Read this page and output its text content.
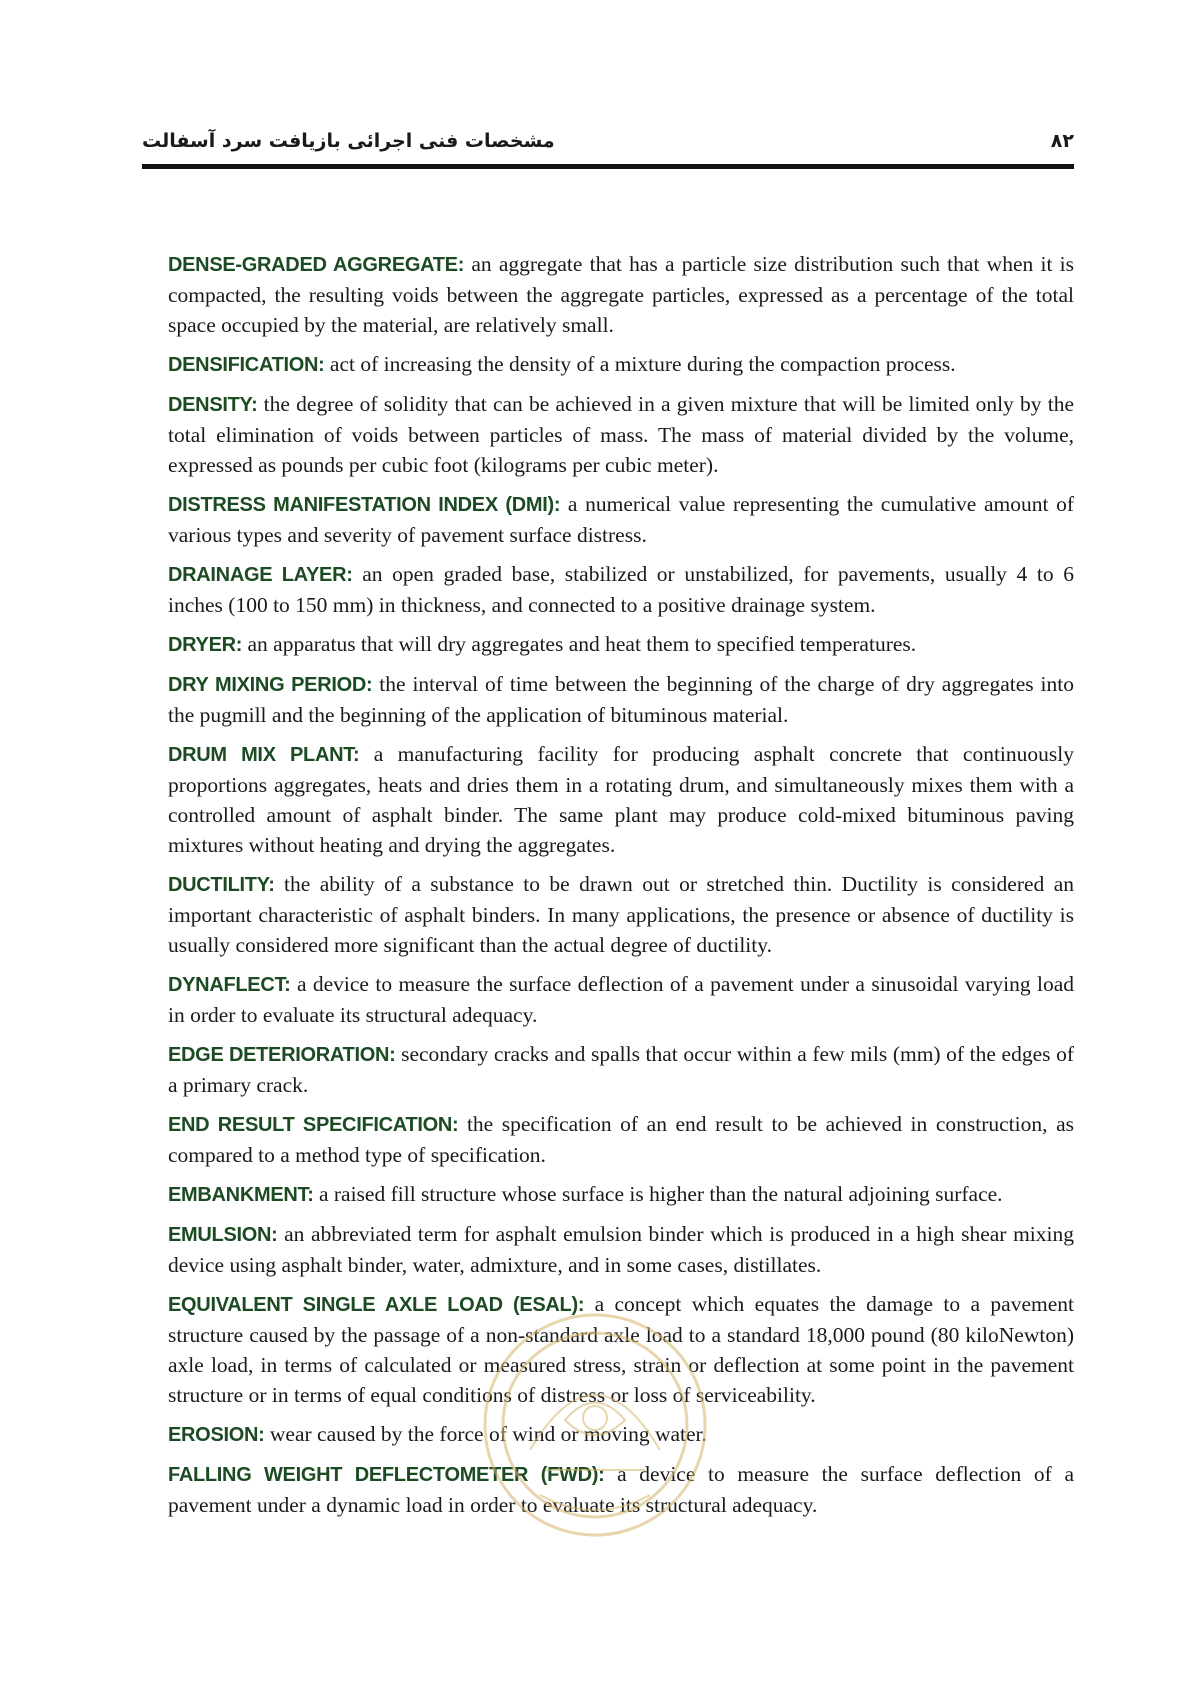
مشخصات فنی اجرائی بازیافت سرد آسفالت	۸۲

DENSE-GRADED AGGREGATE: an aggregate that has a particle size distribution such that when it is compacted, the resulting voids between the aggregate particles, expressed as a percentage of the total space occupied by the material, are relatively small.

DENSIFICATION: act of increasing the density of a mixture during the compaction process.

DENSITY: the degree of solidity that can be achieved in a given mixture that will be limited only by the total elimination of voids between particles of mass. The mass of material divided by the volume, expressed as pounds per cubic foot (kilograms per cubic meter).

DISTRESS MANIFESTATION INDEX (DMI): a numerical value representing the cumulative amount of various types and severity of pavement surface distress.

DRAINAGE LAYER: an open graded base, stabilized or unstabilized, for pavements, usually 4 to 6 inches (100 to 150 mm) in thickness, and connected to a positive drainage system.

DRYER: an apparatus that will dry aggregates and heat them to specified temperatures.

DRY MIXING PERIOD: the interval of time between the beginning of the charge of dry aggregates into the pugmill and the beginning of the application of bituminous material.

DRUM MIX PLANT: a manufacturing facility for producing asphalt concrete that continuously proportions aggregates, heats and dries them in a rotating drum, and simultaneously mixes them with a controlled amount of asphalt binder. The same plant may produce cold-mixed bituminous paving mixtures without heating and drying the aggregates.

DUCTILITY: the ability of a substance to be drawn out or stretched thin. Ductility is considered an important characteristic of asphalt binders. In many applications, the presence or absence of ductility is usually considered more significant than the actual degree of ductility.

DYNAFLECT: a device to measure the surface deflection of a pavement under a sinusoidal varying load in order to evaluate its structural adequacy.

EDGE DETERIORATION: secondary cracks and spalls that occur within a few mils (mm) of the edges of a primary crack.

END RESULT SPECIFICATION: the specification of an end result to be achieved in construction, as compared to a method type of specification.

EMBANKMENT: a raised fill structure whose surface is higher than the natural adjoining surface.

EMULSION: an abbreviated term for asphalt emulsion binder which is produced in a high shear mixing device using asphalt binder, water, admixture, and in some cases, distillates.

EQUIVALENT SINGLE AXLE LOAD (ESAL): a concept which equates the damage to a pavement structure caused by the passage of a non-standard axle load to a standard 18,000 pound (80 kiloNewton) axle load, in terms of calculated or measured stress, strain or deflection at some point in the pavement structure or in terms of equal conditions of distress or loss of serviceability.

EROSION: wear caused by the force of wind or moving water.

FALLING WEIGHT DEFLECTOMETER (FWD): a device to measure the surface deflection of a pavement under a dynamic load in order to evaluate its structural adequacy.
